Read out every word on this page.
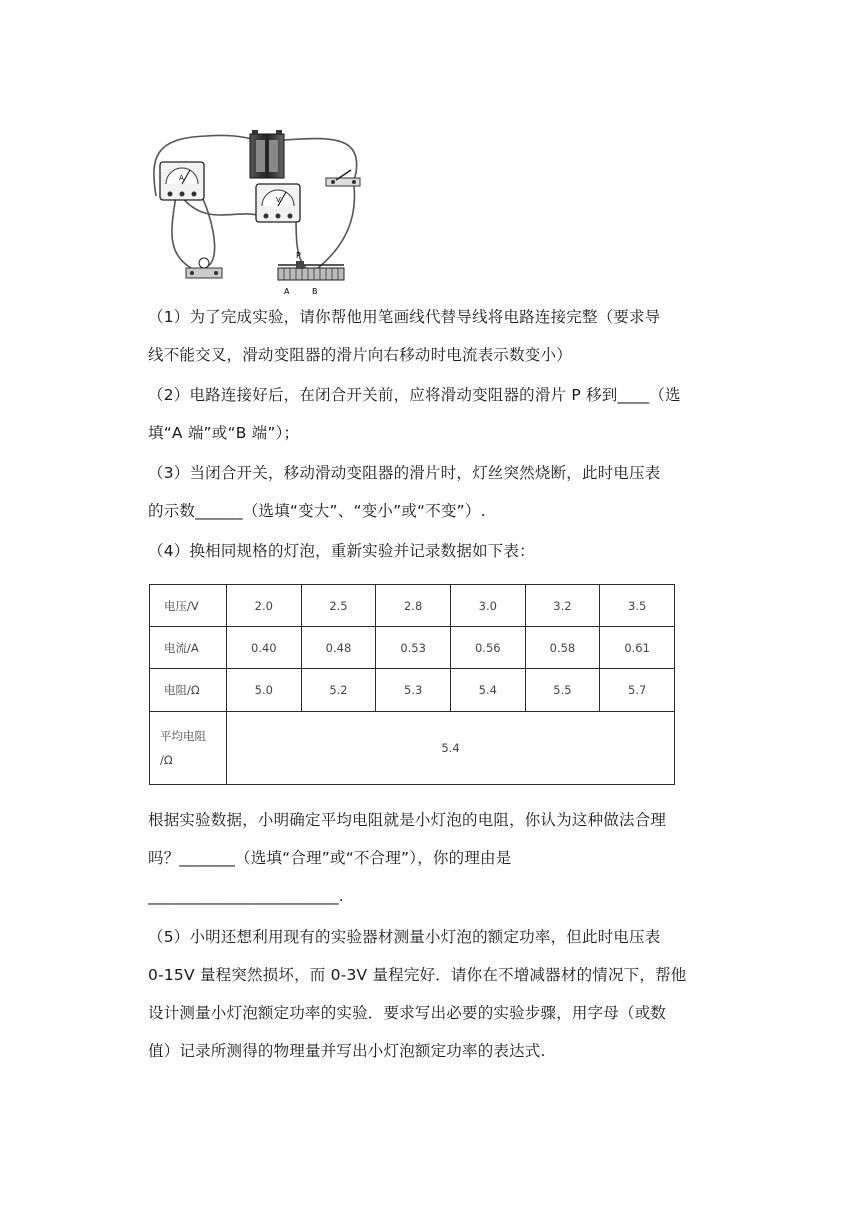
A
V
P
A	B
（1）为了完成实验，请你帮他用笔画线代替导线将电路连接完整（要求导
线不能交叉，滑动变阻器的滑片向右移动时电流表示数变小）
（2）电路连接好后，在闭合开关前，应将滑动变阻器的滑片 P 移到____（选
填“A 端”或“B 端”）；
（3）当闭合开关，移动滑动变阻器的滑片时，灯丝突然烧断，此时电压表
的示数______（选填“变大”、“变小”或“不变”）.
（4）换相同规格的灯泡，重新实验并记录数据如下表：
电压/V	2.0	2.5	2.8	3.0	3.2	3.5
电流/A	0.40	0.48	0.53	0.56	0.58	0.61
电阻/Ω	5.0	5.2	5.3	5.4	5.5	5.7

平均电阻
/Ω	5.4					
根据实验数据，小明确定平均电阻就是小灯泡的电阻，你认为这种做法合理
吗？_______（选填“合理”或“不合理”），你的理由是
________________________.
（5）小明还想利用现有的实验器材测量小灯泡的额定功率，但此时电压表
0-15V 量程突然损坏，而 0-3V 量程完好．请你在不增减器材的情况下，帮他
设计测量小灯泡额定功率的实验．要求写出必要的实验步骤，用字母（或数
值）记录所测得的物理量并写出小灯泡额定功率的表达式.
